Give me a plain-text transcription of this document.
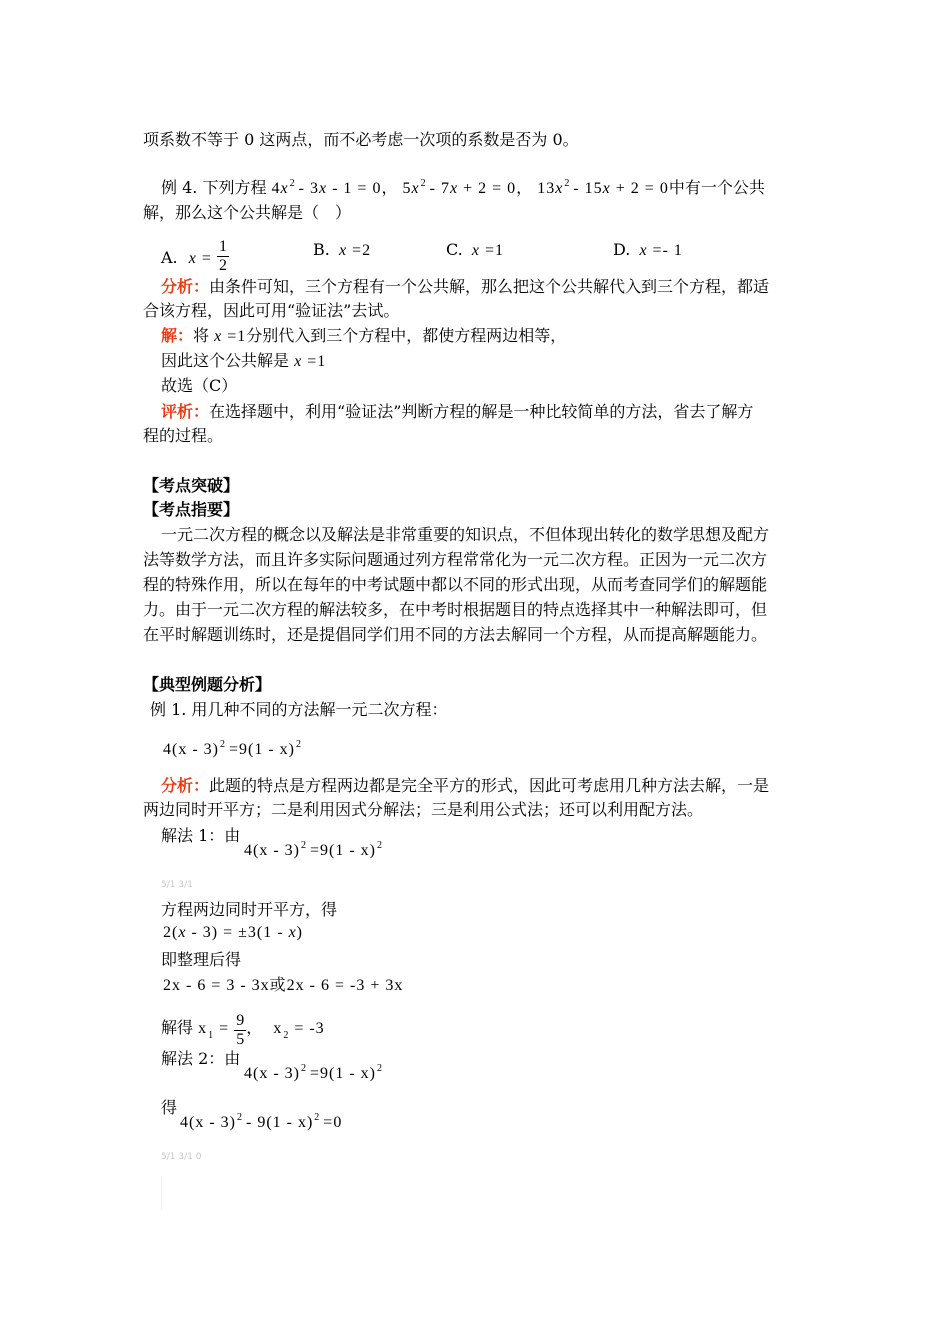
项系数不等于 0 这两点，而不必考虑一次项的系数是否为 0。
例 4. 下列方程 $4x^2 - 3x - 1 = 0$， $5x^2 - 7x + 2 = 0$， $13x^2 - 15x + 2 = 0$中有一个公共
解，那么这个公共解是（　）
A. $x = \frac{1}{2}$	B. x =2	C. x =1	D. x =- 1
分析：由条件可知，三个方程有一个公共解，那么把这个公共解代入到三个方程，都适
合该方程，因此可用“验证法”去试。
解：将 x =1分别代入到三个方程中，都使方程两边相等，
因此这个公共解是 x =1
故选（C）
评析：在选择题中，利用“验证法”判断方程的解是一种比较简单的方法，省去了解方
程的过程。
【考点突破】
【考点指要】
一元二次方程的概念以及解法是非常重要的知识点，不但体现出转化的数学思想及配方
法等数学方法，而且许多实际问题通过列方程常常化为一元二次方程。正因为一元二次方
程的特殊作用，所以在每年的中考试题中都以不同的形式出现，从而考查同学们的解题能
力。由于一元二次方程的解法较多，在中考时根据题目的特点选择其中一种解法即可，但
在平时解题训练时，还是提倡同学们用不同的方法去解同一个方程，从而提高解题能力。
【典型例题分析】
例 1. 用几种不同的方法解一元二次方程：
4(x - 3)$^2$ =9(1 - x)$^2$
分析：此题的特点是方程两边都是完全平方的形式，因此可考虑用几种方法去解，一是
两边同时开平方；二是利用因式分解法；三是利用公式法；还可以利用配方法。
解法 1：由
4(x - 3)$^2$ =9(1 - x)$^2$
5/1 3/1
方程两边同时开平方，得
2(x - 3) = ±3(1 - x)
即整理后得
2x - 6 = 3 - 3x或2x - 6 = -3 + 3x
解得 $x_1 = \frac{9}{5}$ ， $x_2 = -3$
解法 2：由
4(x - 3)$^2$ =9(1 - x)$^2$
得
4(x - 3)$^2$ - 9(1 - x)$^2$ =0
5/1 3/1 0
